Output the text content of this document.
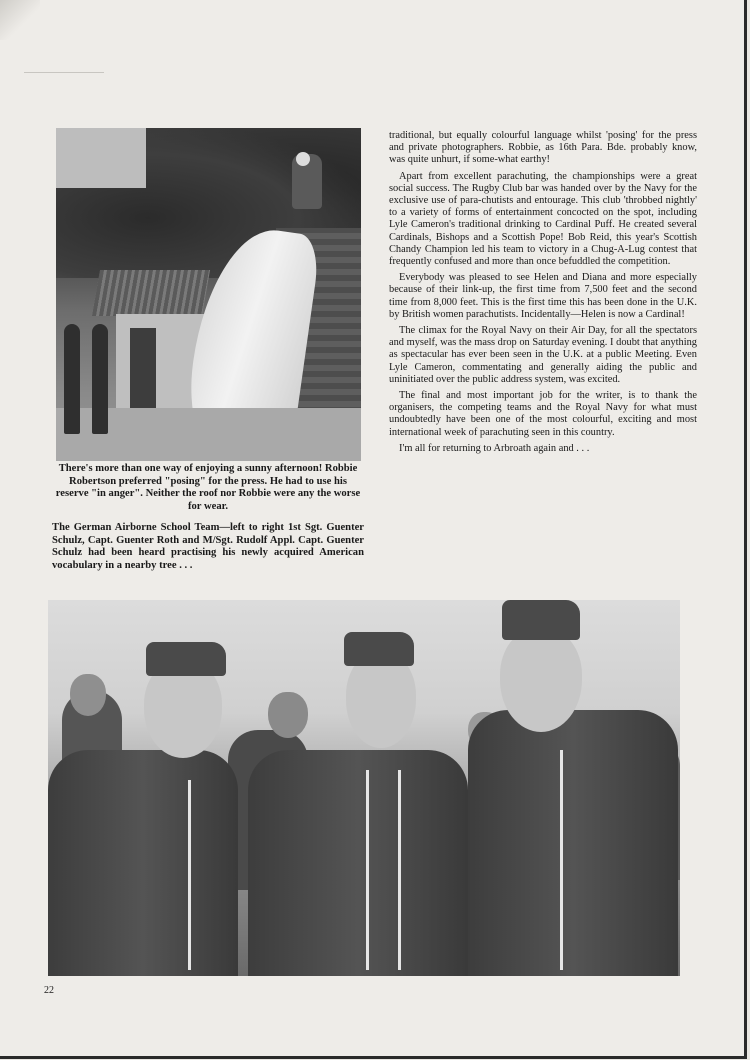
There's more than one way of enjoying a sunny afternoon! Robbie Robertson preferred "posing" for the press. He had to use his reserve "in anger". Neither the roof nor Robbie were any the worse for wear.

The German Airborne School Team—left to right 1st Sgt. Guenter Schulz, Capt. Guenter Roth and M/Sgt. Rudolf Appl. Capt. Guenter Schulz had been heard practising his newly acquired American vocabulary in a nearby tree . . .

traditional, but equally colourful language whilst 'posing' for the press and private photographers. Robbie, as 16th Para. Bde. probably know, was quite unhurt, if some-what earthy!

Apart from excellent parachuting, the championships were a great social success. The Rugby Club bar was handed over by the Navy for the exclusive use of para-chutists and entourage. This club 'throbbed nightly' to a variety of forms of entertainment concocted on the spot, including Lyle Cameron's traditional drinking to Cardinal Puff. He created several Cardinals, Bishops and a Scottish Pope! Bob Reid, this year's Scottish Chandy Champion led his team to victory in a Chug-A-Lug contest that frequently confused and more than once befuddled the competition.

Everybody was pleased to see Helen and Diana and more especially because of their link-up, the first time from 7,500 feet and the second time from 8,000 feet. This is the first time this has been done in the U.K. by British women parachutists. Incidentally—Helen is now a Cardinal!

The climax for the Royal Navy on their Air Day, for all the spectators and myself, was the mass drop on Saturday evening. I doubt that anything as spectacular has ever been seen in the U.K. at a public Meeting. Even Lyle Cameron, commentating and generally aiding the public and uninitiated over the public address system, was excited.

The final and most important job for the writer, is to thank the organisers, the competing teams and the Royal Navy for what must undoubtedly have been one of the most colourful, exciting and most international week of parachuting seen in this country.

I'm all for returning to Arbroath again and . . .

22
